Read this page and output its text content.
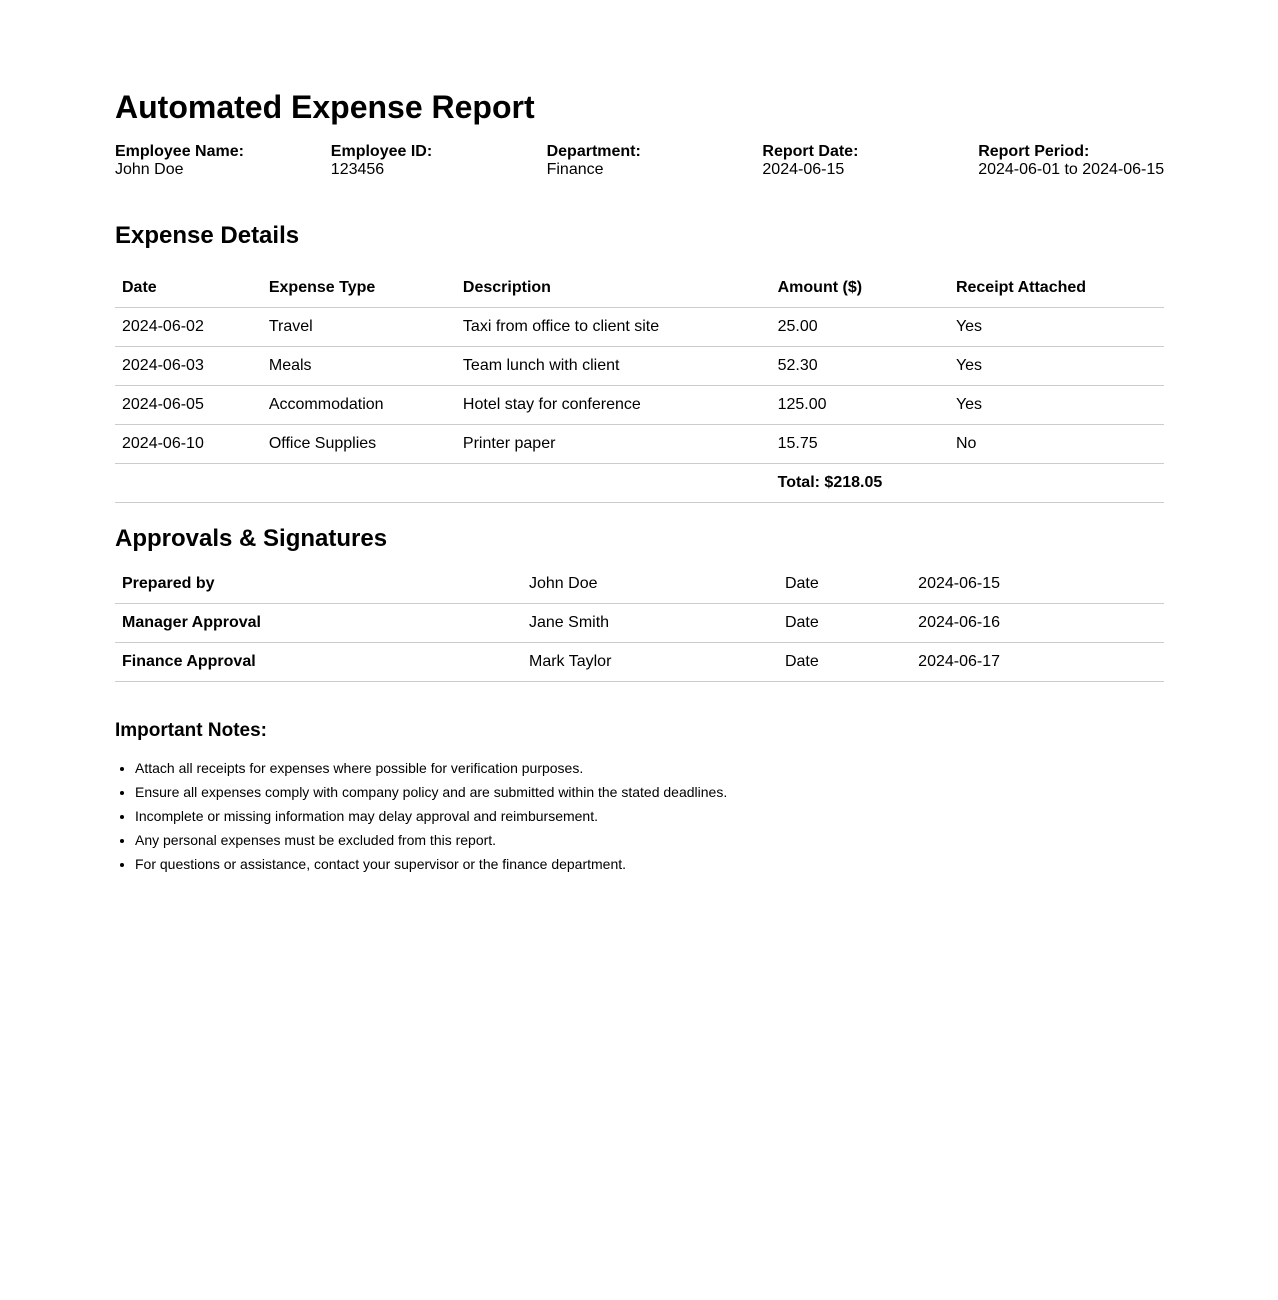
Automated Expense Report
Employee Name:
John Doe
Employee ID:
123456
Department:
Finance
Report Date:
2024-06-15
Report Period:
2024-06-01 to 2024-06-15
Expense Details
Date	Expense Type	Description	Amount ($)	Receipt Attached
2024-06-02	Travel	Taxi from office to client site	25.00	Yes
2024-06-03	Meals	Team lunch with client	52.30	Yes
2024-06-05	Accommodation	Hotel stay for conference	125.00	Yes
2024-06-10	Office Supplies	Printer paper	15.75	No
			Total: $218.05	
Approvals & Signatures
Prepared by	John Doe	Date	2024-06-15
Manager Approval	Jane Smith	Date	2024-06-16
Finance Approval	Mark Taylor	Date	2024-06-17
Important Notes:
• Attach all receipts for expenses where possible for verification purposes.
• Ensure all expenses comply with company policy and are submitted within the stated deadlines.
• Incomplete or missing information may delay approval and reimbursement.
• Any personal expenses must be excluded from this report.
• For questions or assistance, contact your supervisor or the finance department.
